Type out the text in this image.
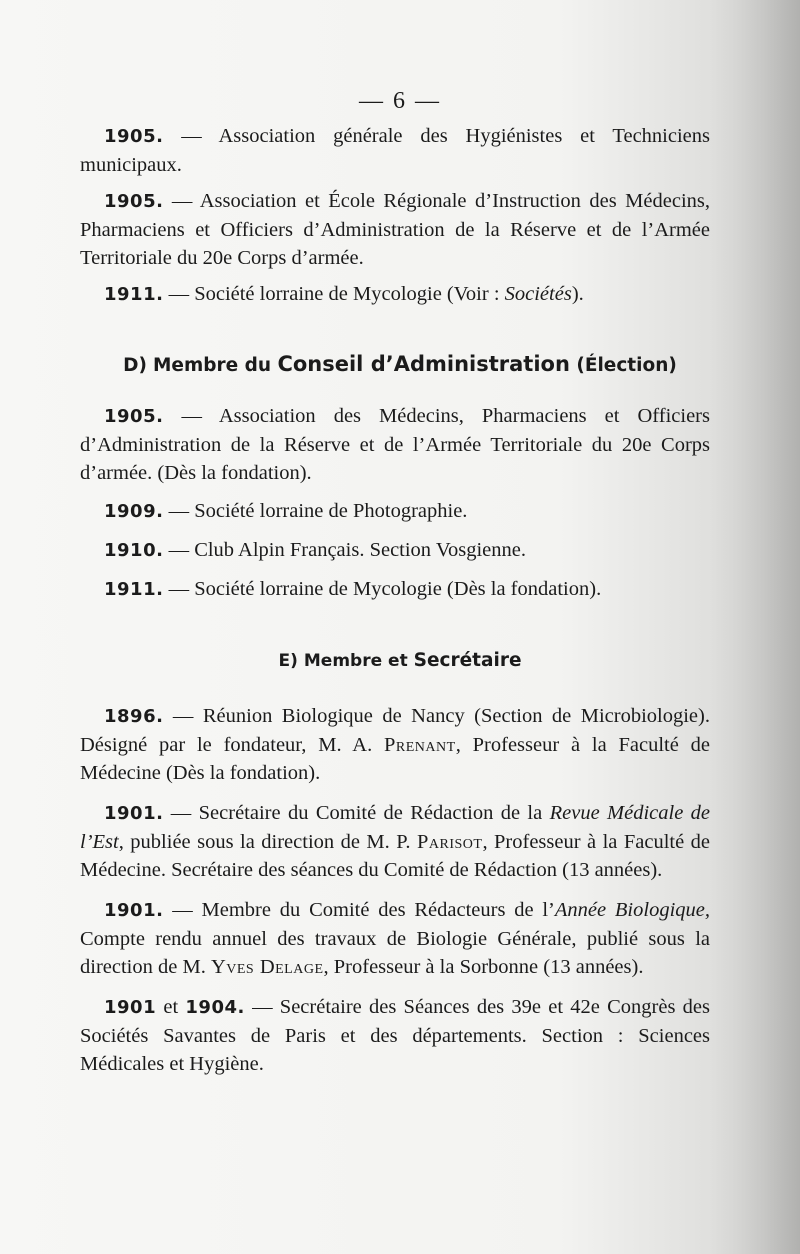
— 6 —

1905. — Association générale des Hygiénistes et Techniciens municipaux.

1905. — Association et École Régionale d’Instruction des Médecins, Pharmaciens et Officiers d’Administration de la Réserve et de l’Armée Territoriale du 20e Corps d’armée.

1911. — Société lorraine de Mycologie (Voir : Sociétés).

D) Membre du Conseil d’Administration (Élection)

1905. — Association des Médecins, Pharmaciens et Officiers d’Administration de la Réserve et de l’Armée Territoriale du 20e Corps d’armée. (Dès la fondation).

1909. — Société lorraine de Photographie.

1910. — Club Alpin Français. Section Vosgienne.

1911. — Société lorraine de Mycologie (Dès la fondation).

E) Membre et Secrétaire

1896. — Réunion Biologique de Nancy (Section de Microbiologie). Désigné par le fondateur, M. A. Prenant, Professeur à la Faculté de Médecine (Dès la fondation).

1901. — Secrétaire du Comité de Rédaction de la Revue Médicale de l’Est, publiée sous la direction de M. P. Parisot, Professeur à la Faculté de Médecine. Secrétaire des séances du Comité de Rédaction (13 années).

1901. — Membre du Comité des Rédacteurs de l’Année Biologique, Compte rendu annuel des travaux de Biologie Générale, publié sous la direction de M. Yves Delage, Professeur à la Sorbonne (13 années).

1901 et 1904. — Secrétaire des Séances des 39e et 42e Congrès des Sociétés Savantes de Paris et des départements. Section : Sciences Médicales et Hygiène.
